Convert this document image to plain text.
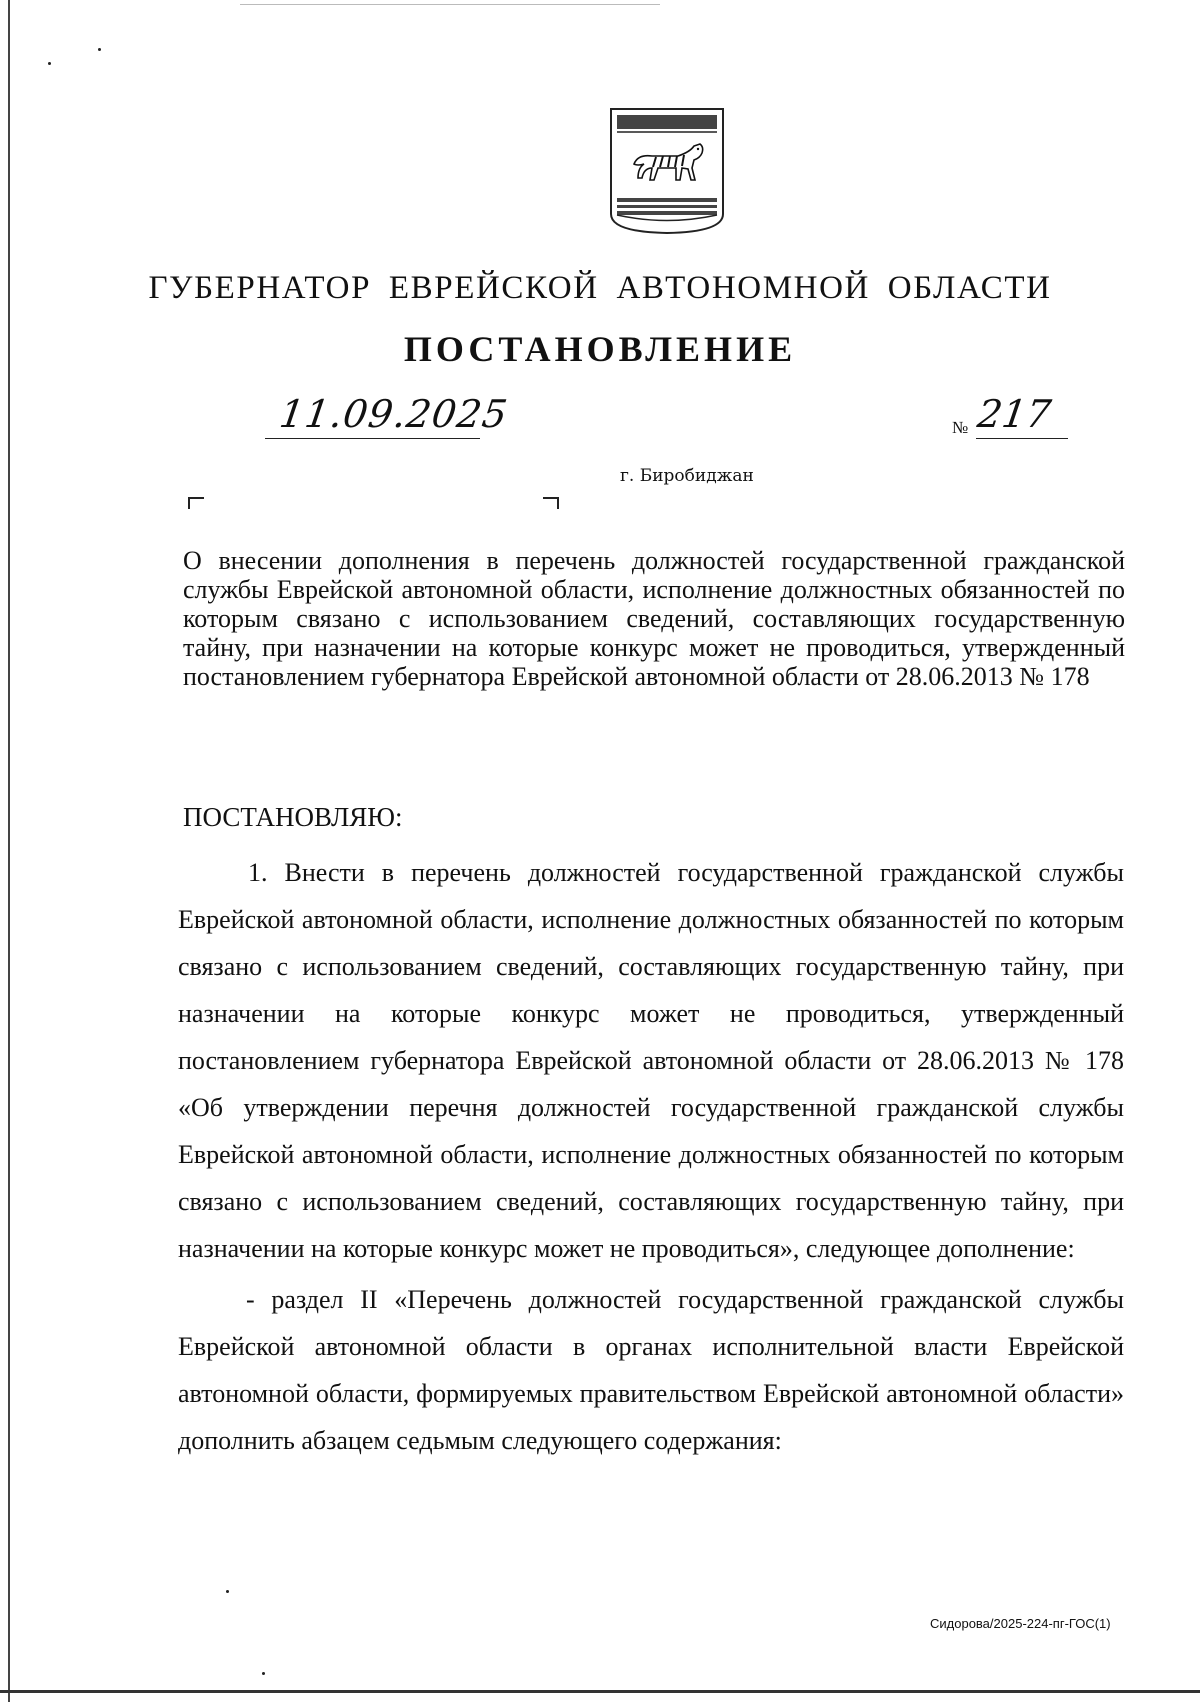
ГУБЕРНАТОР ЕВРЕЙСКОЙ АВТОНОМНОЙ ОБЛАСТИ
ПОСТАНОВЛЕНИЕ
11.09.2025	№ 217
г. Биробиджан
О внесении дополнения в перечень должностей государственной гражданской службы Еврейской автономной области, исполнение должностных обязанностей по которым связано с использованием сведений, составляющих государственную тайну, при назначении на которые конкурс может не проводиться, утвержденный постановлением губернатора Еврейской автономной области от 28.06.2013 № 178
ПОСТАНОВЛЯЮ:

1. Внести в перечень должностей государственной гражданской службы Еврейской автономной области, исполнение должностных обязанностей по которым связано с использованием сведений, составляющих государственную тайну, при назначении на которые конкурс может не проводиться, утвержденный постановлением губернатора Еврейской автономной области от 28.06.2013 № 178 «Об утверждении перечня должностей государственной гражданской службы Еврейской автономной области, исполнение должностных обязанностей по которым связано с использованием сведений, составляющих государственную тайну, при назначении на которые конкурс может не проводиться», следующее дополнение:

- раздел II «Перечень должностей государственной гражданской службы Еврейской автономной области в органах исполнительной власти Еврейской автономной области, формируемых правительством Еврейской автономной области» дополнить абзацем седьмым следующего содержания:

Сидорова/2025-224-пг-ГОС(1)
